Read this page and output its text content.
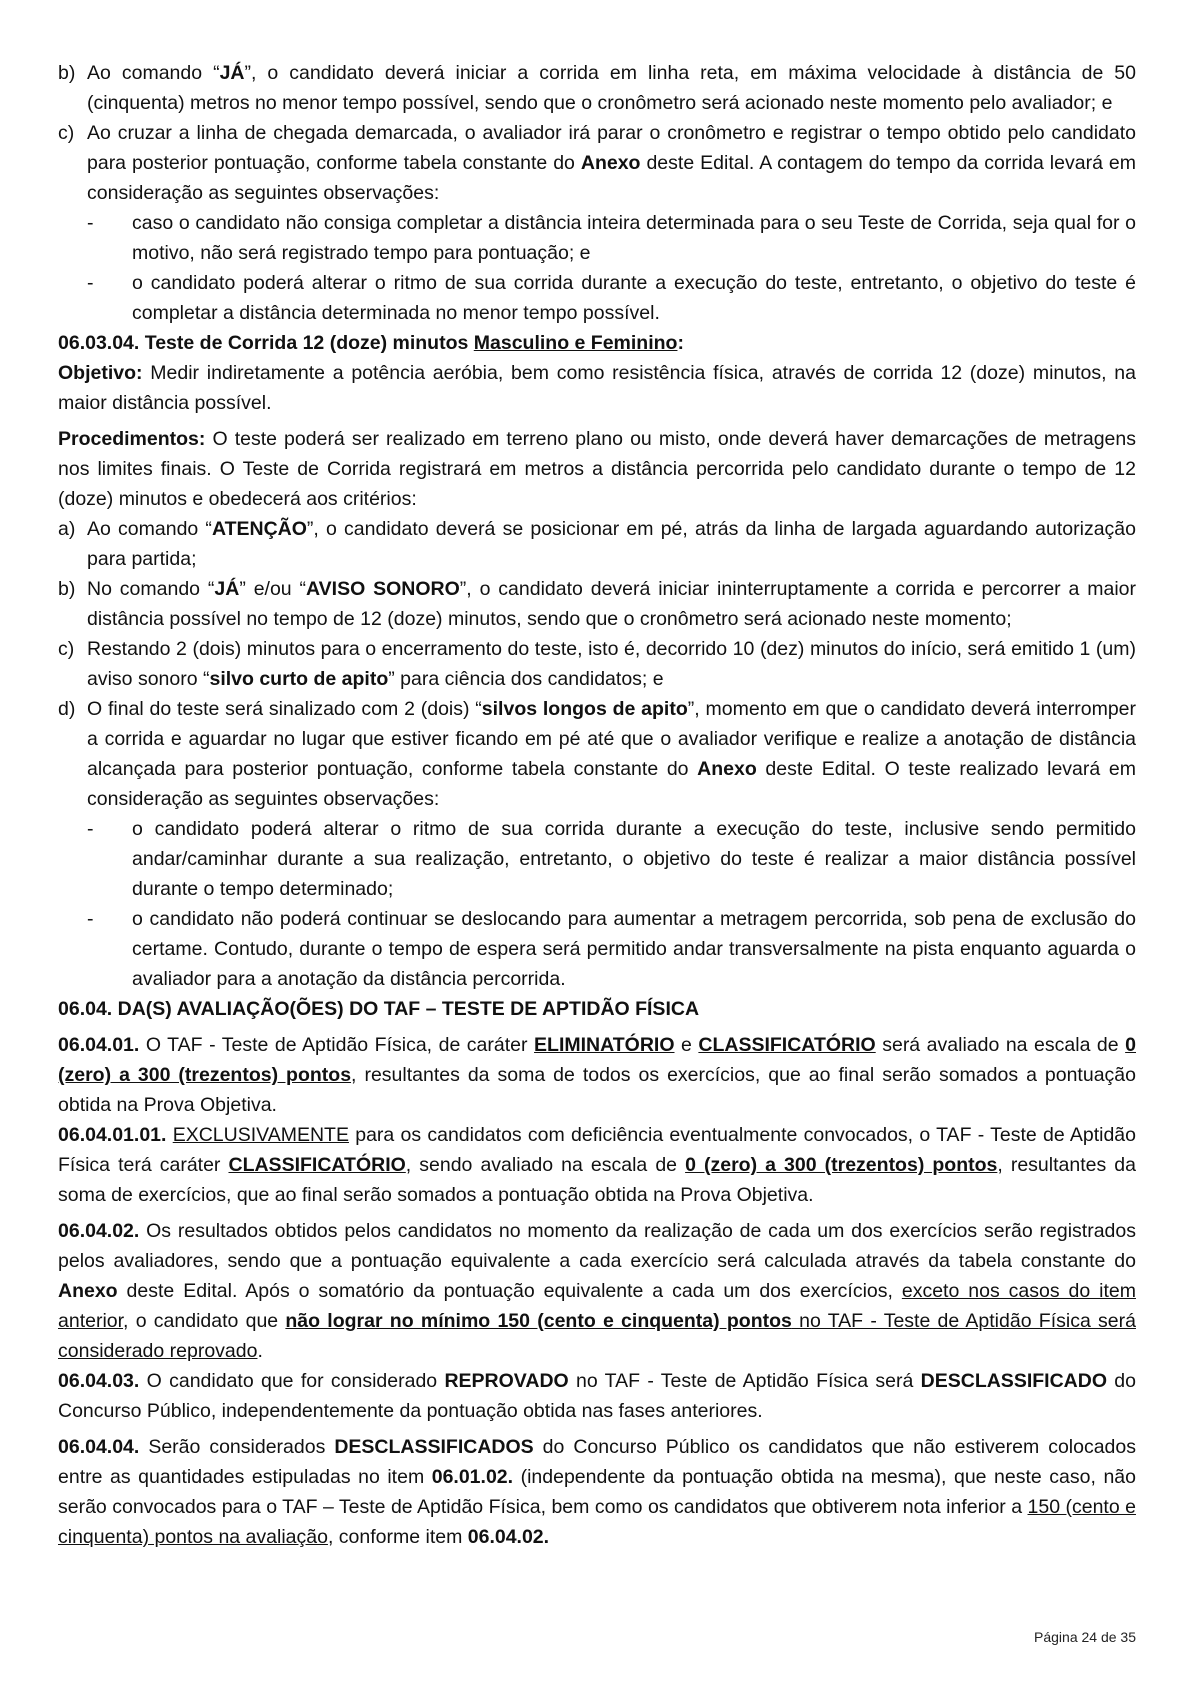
b) Ao comando “JÁ”, o candidato deverá iniciar a corrida em linha reta, em máxima velocidade à distância de 50 (cinquenta) metros no menor tempo possível, sendo que o cronômetro será acionado neste momento pelo avaliador; e

c) Ao cruzar a linha de chegada demarcada, o avaliador irá parar o cronômetro e registrar o tempo obtido pelo candidato para posterior pontuação, conforme tabela constante do Anexo deste Edital. A contagem do tempo da corrida levará em consideração as seguintes observações:

- caso o candidato não consiga completar a distância inteira determinada para o seu Teste de Corrida, seja qual for o motivo, não será registrado tempo para pontuação; e

- o candidato poderá alterar o ritmo de sua corrida durante a execução do teste, entretanto, o objetivo do teste é completar a distância determinada no menor tempo possível.

06.03.04. Teste de Corrida 12 (doze) minutos Masculino e Feminino:

Objetivo: Medir indiretamente a potência aeróbia, bem como resistência física, através de corrida 12 (doze) minutos, na maior distância possível.

Procedimentos: O teste poderá ser realizado em terreno plano ou misto, onde deverá haver demarcações de metragens nos limites finais. O Teste de Corrida registrará em metros a distância percorrida pelo candidato durante o tempo de 12 (doze) minutos e obedecerá aos critérios:

a) Ao comando “ATENÇÃO”, o candidato deverá se posicionar em pé, atrás da linha de largada aguardando autorização para partida;

b) No comando “JÁ” e/ou “AVISO SONORO”, o candidato deverá iniciar ininterruptamente a corrida e percorrer a maior distância possível no tempo de 12 (doze) minutos, sendo que o cronômetro será acionado neste momento;

c) Restando 2 (dois) minutos para o encerramento do teste, isto é, decorrido 10 (dez) minutos do início, será emitido 1 (um) aviso sonoro “silvo curto de apito” para ciência dos candidatos; e

d) O final do teste será sinalizado com 2 (dois) “silvos longos de apito”, momento em que o candidato deverá interromper a corrida e aguardar no lugar que estiver ficando em pé até que o avaliador verifique e realize a anotação de distância alcançada para posterior pontuação, conforme tabela constante do Anexo deste Edital. O teste realizado levará em consideração as seguintes observações:

- o candidato poderá alterar o ritmo de sua corrida durante a execução do teste, inclusive sendo permitido andar/caminhar durante a sua realização, entretanto, o objetivo do teste é realizar a maior distância possível durante o tempo determinado;

- o candidato não poderá continuar se deslocando para aumentar a metragem percorrida, sob pena de exclusão do certame. Contudo, durante o tempo de espera será permitido andar transversalmente na pista enquanto aguarda o avaliador para a anotação da distância percorrida.

06.04. DA(S) AVALIAÇÃO(ÕES) DO TAF – TESTE DE APTIDÃO FÍSICA

06.04.01. O TAF - Teste de Aptidão Física, de caráter ELIMINATÓRIO e CLASSIFICATÓRIO será avaliado na escala de 0 (zero) a 300 (trezentos) pontos, resultantes da soma de todos os exercícios, que ao final serão somados a pontuação obtida na Prova Objetiva.

06.04.01.01. EXCLUSIVAMENTE para os candidatos com deficiência eventualmente convocados, o TAF - Teste de Aptidão Física terá caráter CLASSIFICATÓRIO, sendo avaliado na escala de 0 (zero) a 300 (trezentos) pontos, resultantes da soma de exercícios, que ao final serão somados a pontuação obtida na Prova Objetiva.

06.04.02. Os resultados obtidos pelos candidatos no momento da realização de cada um dos exercícios serão registrados pelos avaliadores, sendo que a pontuação equivalente a cada exercício será calculada através da tabela constante do Anexo deste Edital. Após o somatório da pontuação equivalente a cada um dos exercícios, exceto nos casos do item anterior, o candidato que não lograr no mínimo 150 (cento e cinquenta) pontos no TAF - Teste de Aptidão Física será considerado reprovado.

06.04.03. O candidato que for considerado REPROVADO no TAF - Teste de Aptidão Física será DESCLASSIFICADO do Concurso Público, independentemente da pontuação obtida nas fases anteriores.

06.04.04. Serão considerados DESCLASSIFICADOS do Concurso Público os candidatos que não estiverem colocados entre as quantidades estipuladas no item 06.01.02. (independente da pontuação obtida na mesma), que neste caso, não serão convocados para o TAF – Teste de Aptidão Física, bem como os candidatos que obtiverem nota inferior a 150 (cento e cinquenta) pontos na avaliação, conforme item 06.04.02.

Página 24 de 35
